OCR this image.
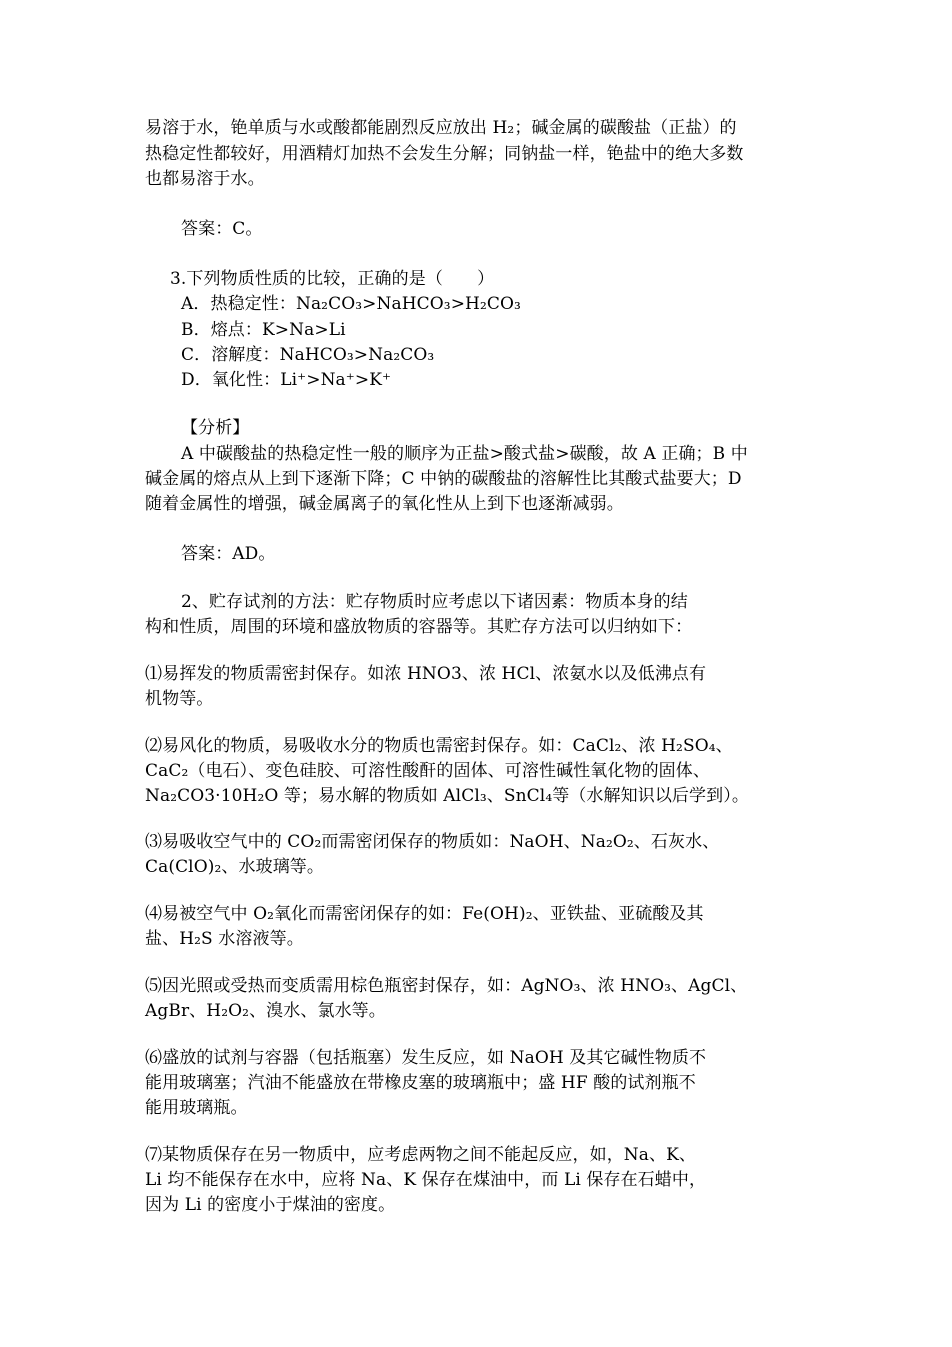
易溶于水，铯单质与水或酸都能剧烈反应放出 H₂；碱金属的碳酸盐（正盐）的
热稳定性都较好，用酒精灯加热不会发生分解；同钠盐一样，铯盐中的绝大多数
也都易溶于水。
答案：C。
3.下列物质性质的比较，正确的是（　　）
A．热稳定性：Na₂CO₃>NaHCO₃>H₂CO₃
B．熔点：K>Na>Li
C．溶解度：NaHCO₃>Na₂CO₃
D．氧化性：Li⁺>Na⁺>K⁺
【分析】
A 中碳酸盐的热稳定性一般的顺序为正盐>酸式盐>碳酸，故 A 正确；B 中
碱金属的熔点从上到下逐渐下降；C 中钠的碳酸盐的溶解性比其酸式盐要大；D
随着金属性的增强，碱金属离子的氧化性从上到下也逐渐减弱。
答案：AD。
2、贮存试剂的方法：贮存物质时应考虑以下诸因素：物质本身的结
构和性质，周围的环境和盛放物质的容器等。其贮存方法可以归纳如下：
⑴易挥发的物质需密封保存。如浓 HNO3、浓 HCl、浓氨水以及低沸点有
机物等。
⑵易风化的物质，易吸收水分的物质也需密封保存。如：CaCl₂、浓 H₂SO₄、
CaC₂（电石）、变色硅胶、可溶性酸酐的固体、可溶性碱性氧化物的固体、
Na₂CO3·10H₂O 等；易水解的物质如 AlCl₃、SnCl₄等（水解知识以后学到）。
⑶易吸收空气中的 CO₂而需密闭保存的物质如：NaOH、Na₂O₂、石灰水、
Ca(ClO)₂、水玻璃等。
⑷易被空气中 O₂氧化而需密闭保存的如：Fe(OH)₂、亚铁盐、亚硫酸及其
盐、H₂S 水溶液等。
⑸因光照或受热而变质需用棕色瓶密封保存，如：AgNO₃、浓 HNO₃、AgCl、
AgBr、H₂O₂、溴水、氯水等。
⑹盛放的试剂与容器（包括瓶塞）发生反应，如 NaOH 及其它碱性物质不
能用玻璃塞；汽油不能盛放在带橡皮塞的玻璃瓶中；盛 HF 酸的试剂瓶不
能用玻璃瓶。
⑺某物质保存在另一物质中，应考虑两物之间不能起反应，如，Na、K、
Li 均不能保存在水中，应将 Na、K 保存在煤油中，而 Li 保存在石蜡中，
因为 Li 的密度小于煤油的密度。
